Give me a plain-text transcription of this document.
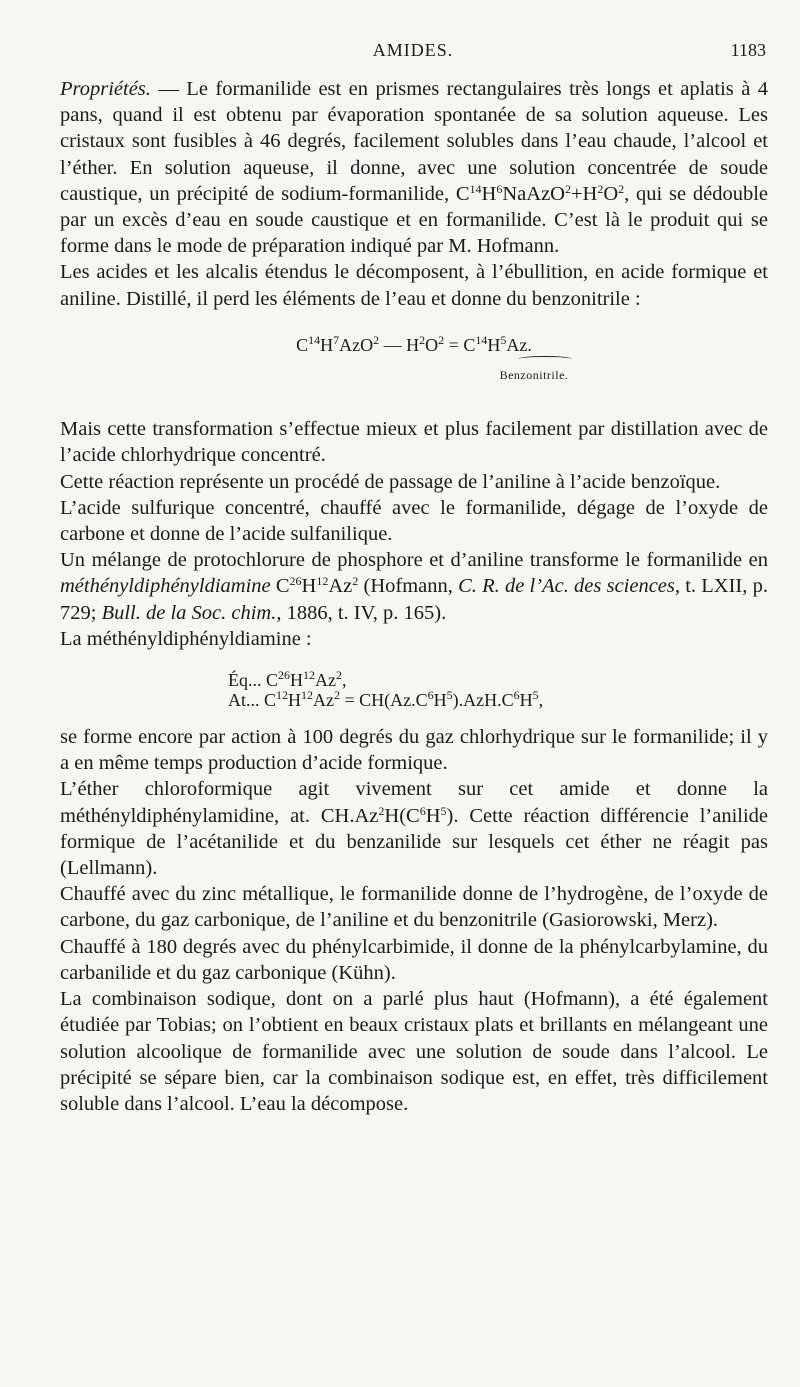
AMIDES.	1183

Propriétés. — Le formanilide est en prismes rectangulaires très longs et aplatis à 4 pans, quand il est obtenu par évaporation spontanée de sa solution aqueuse. Les cristaux sont fusibles à 46 degrés, facilement solubles dans l’eau chaude, l’alcool et l’éther. En solution aqueuse, il donne, avec une solution concentrée de soude caustique, un précipité de sodium-formanilide, $C^{14}H^6NaAzO^2+H^2O^2$, qui se dédouble par un excès d’eau en soude caustique et en formanilide. C’est là le produit qui se forme dans le mode de préparation indiqué par M. Hofmann.

Les acides et les alcalis étendus le décomposent, à l’ébullition, en acide formique et aniline. Distillé, il perd les éléments de l’eau et donne du benzonitrile :

$C^{14}H^7AzO^2$ — $H^2O^2 = C^{14}H^5Az$.
Benzonitrile.

Mais cette transformation s’effectue mieux et plus facilement par distillation avec de l’acide chlorhydrique concentré.

Cette réaction représente un procédé de passage de l’aniline à l’acide benzoïque.

L’acide sulfurique concentré, chauffé avec le formanilide, dégage de l’oxyde de carbone et donne de l’acide sulfanilique.

Un mélange de protochlorure de phosphore et d’aniline transforme le formanilide en méthényldiphényldiamine $C^{26}H^{12}Az^2$ (Hofmann, C. R. de l’Ac. des sciences, t. LXII, p. 729; Bull. de la Soc. chim., 1886, t. IV, p. 165).

La méthényldiphényldiamine :

Éq... $C^{26}H^{12}Az^2$,
At... $C^{12}H^{12}Az^2 = CH(Az.C^6H^5).AzH.C^6H^5$,

se forme encore par action à 100 degrés du gaz chlorhydrique sur le formanilide; il y a en même temps production d’acide formique.

L’éther chloroformique agit vivement sur cet amide et donne la méthényldiphénylamidine, at. $CH.Az^2H(C^6H^5)$. Cette réaction différencie l’anilide formique de l’acétanilide et du benzanilide sur lesquels cet éther ne réagit pas (Lellmann).

Chauffé avec du zinc métallique, le formanilide donne de l’hydrogène, de l’oxyde de carbone, du gaz carbonique, de l’aniline et du benzonitrile (Gasiorowski, Merz).

Chauffé à 180 degrés avec du phénylcarbimide, il donne de la phénylcarbylamine, du carbanilide et du gaz carbonique (Kühn).

La combinaison sodique, dont on a parlé plus haut (Hofmann), a été également étudiée par Tobias; on l’obtient en beaux cristaux plats et brillants en mélangeant une solution alcoolique de formanilide avec une solution de soude dans l’alcool. Le précipité se sépare bien, car la combinaison sodique est, en effet, très difficilement soluble dans l’alcool. L’eau la décompose.
